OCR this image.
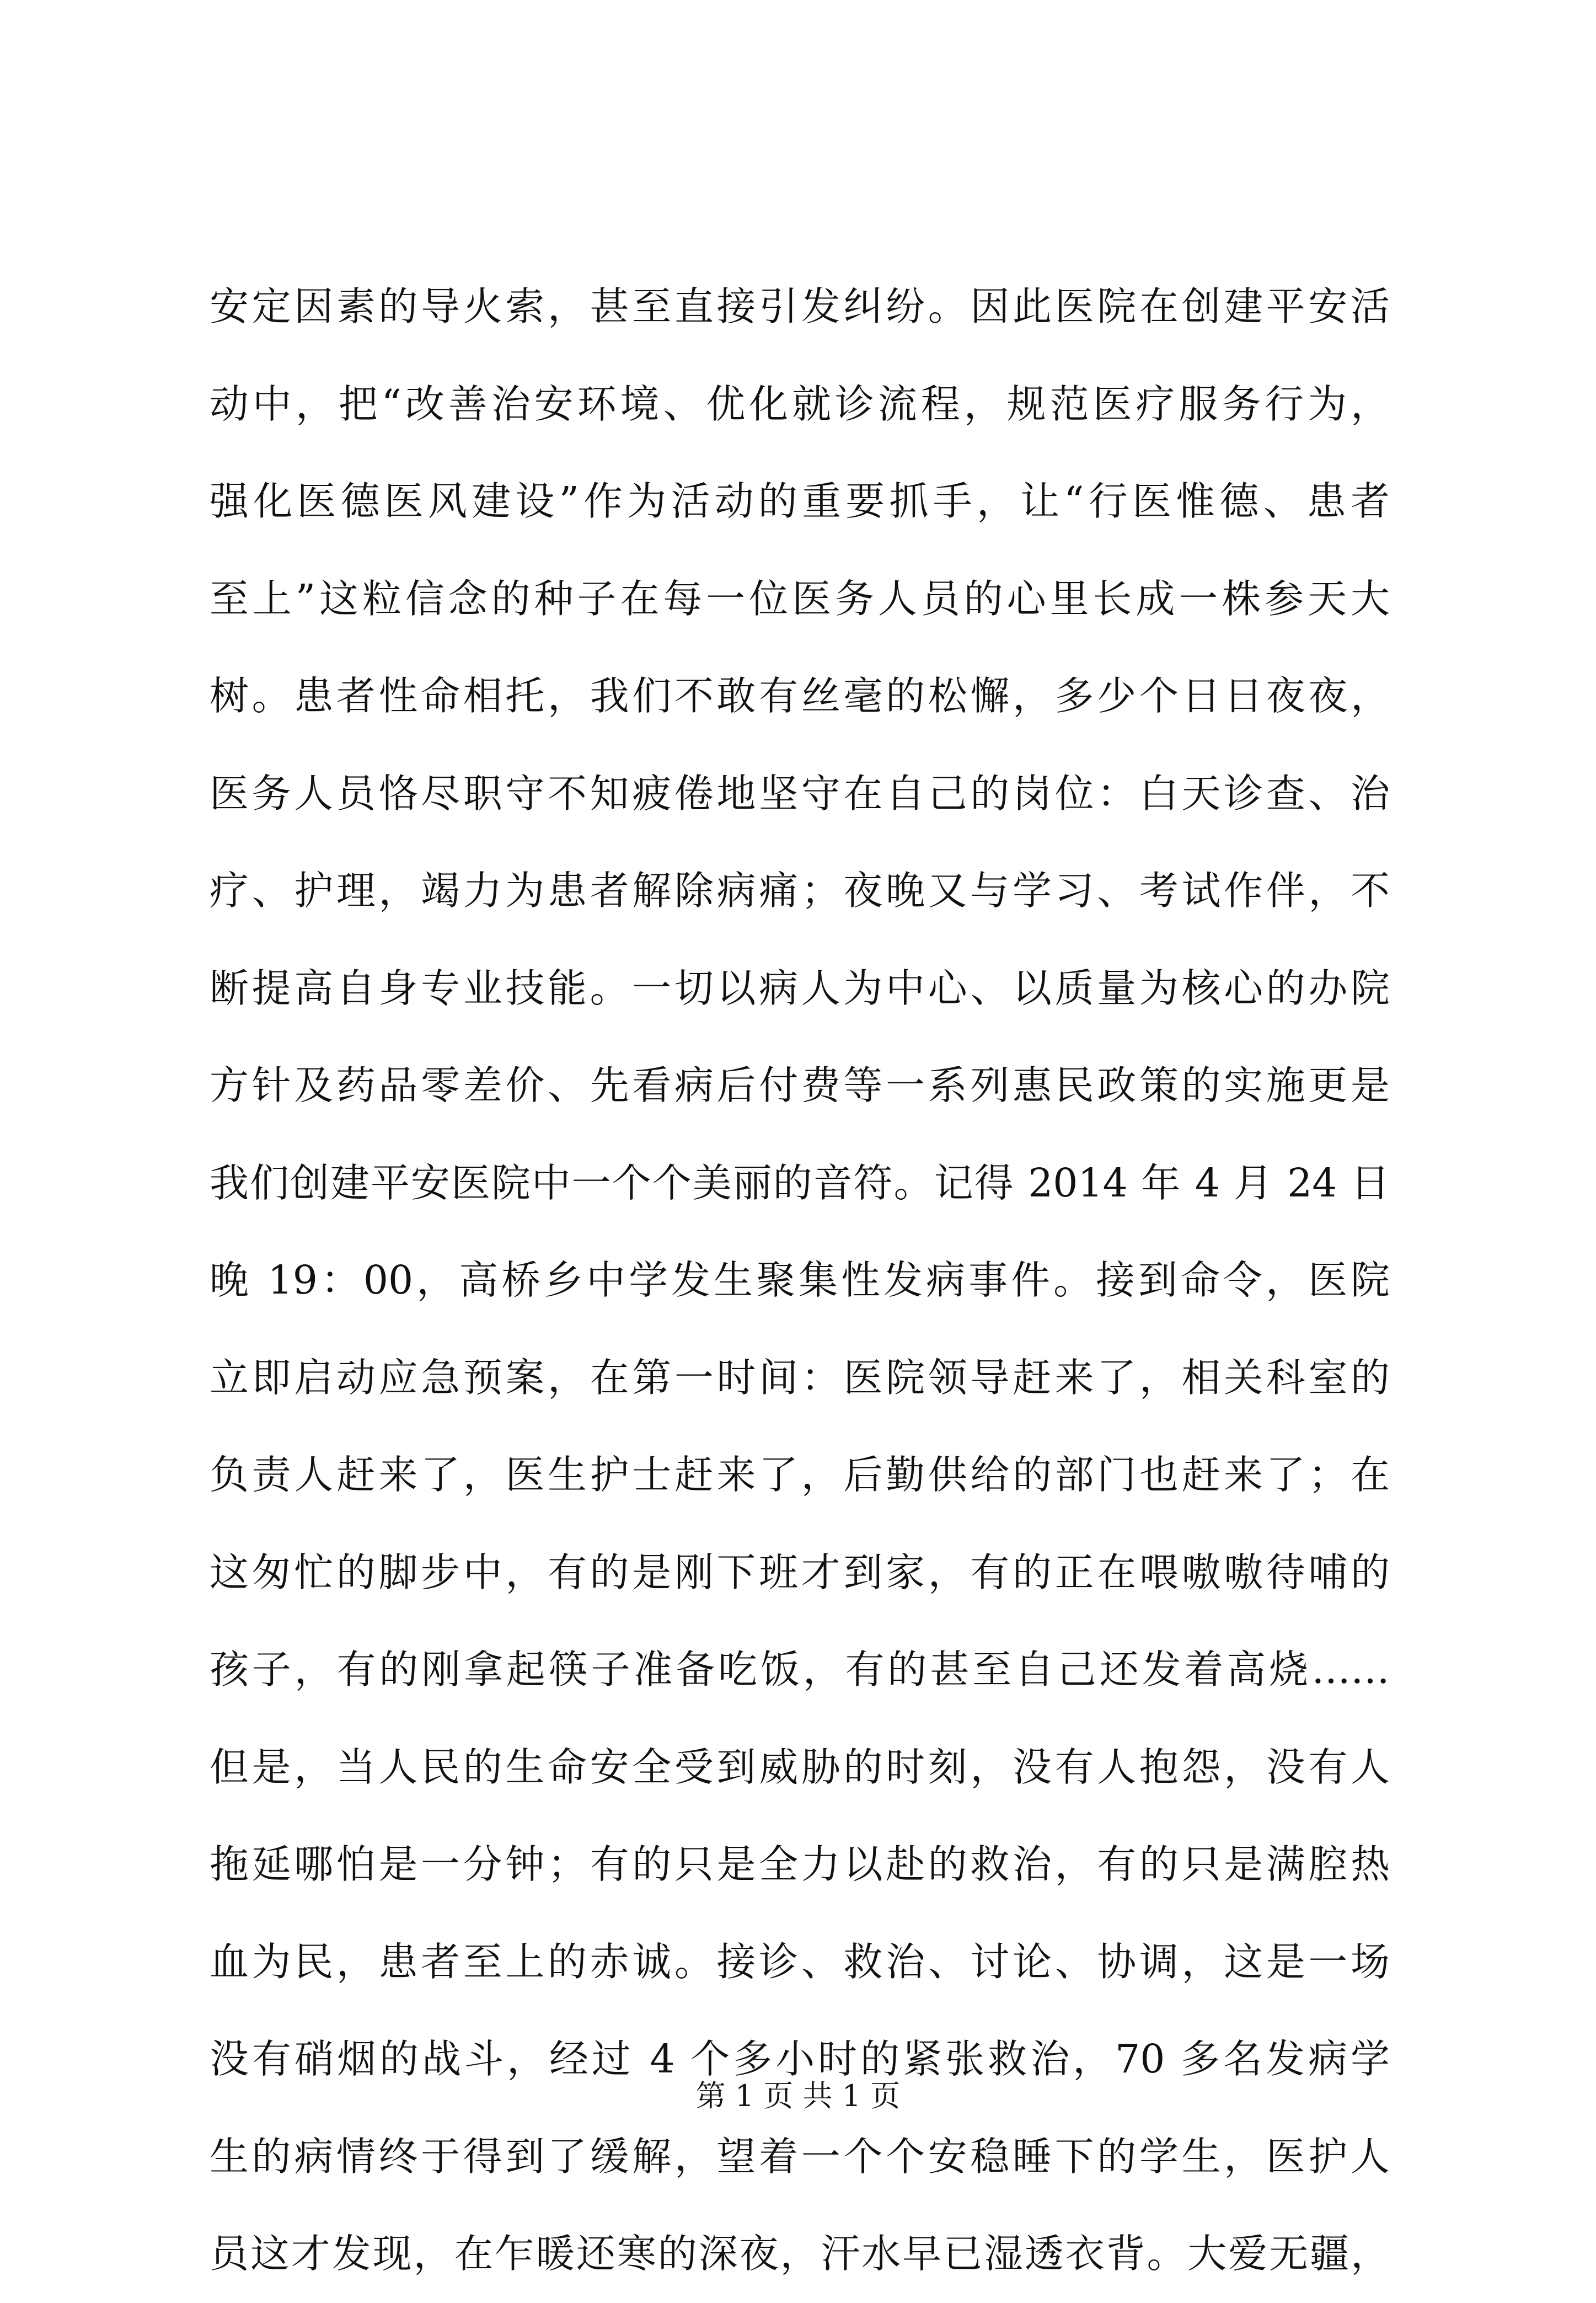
安定因素的导火索，甚至直接引发纠纷。因此医院在创建平安活
动中，把“改善治安环境、优化就诊流程，规范医疗服务行为，
强化医德医风建设”作为活动的重要抓手，让“行医惟德、患者
至上”这粒信念的种子在每一位医务人员的心里长成一株参天大
树。患者性命相托，我们不敢有丝毫的松懈，多少个日日夜夜，
医务人员恪尽职守不知疲倦地坚守在自己的岗位：白天诊查、治
疗、护理，竭力为患者解除病痛；夜晚又与学习、考试作伴，不
断提高自身专业技能。一切以病人为中心、以质量为核心的办院
方针及药品零差价、先看病后付费等一系列惠民政策的实施更是
我们创建平安医院中一个个美丽的音符。记得 2014 年 4 月 24 日
晚 19：00，高桥乡中学发生聚集性发病事件。接到命令，医院
立即启动应急预案，在第一时间：医院领导赶来了，相关科室的
负责人赶来了，医生护士赶来了，后勤供给的部门也赶来了；在
这匆忙的脚步中，有的是刚下班才到家，有的正在喂嗷嗷待哺的
孩子，有的刚拿起筷子准备吃饭，有的甚至自己还发着高烧……
但是，当人民的生命安全受到威胁的时刻，没有人抱怨，没有人
拖延哪怕是一分钟；有的只是全力以赴的救治，有的只是满腔热
血为民，患者至上的赤诚。接诊、救治、讨论、协调，这是一场
没有硝烟的战斗，经过 4 个多小时的紧张救治，70 多名发病学
生的病情终于得到了缓解，望着一个个安稳睡下的学生，医护人
员这才发现，在乍暖还寒的深夜，汗水早已湿透衣背。大爱无疆，
第 1 页 共 1 页
